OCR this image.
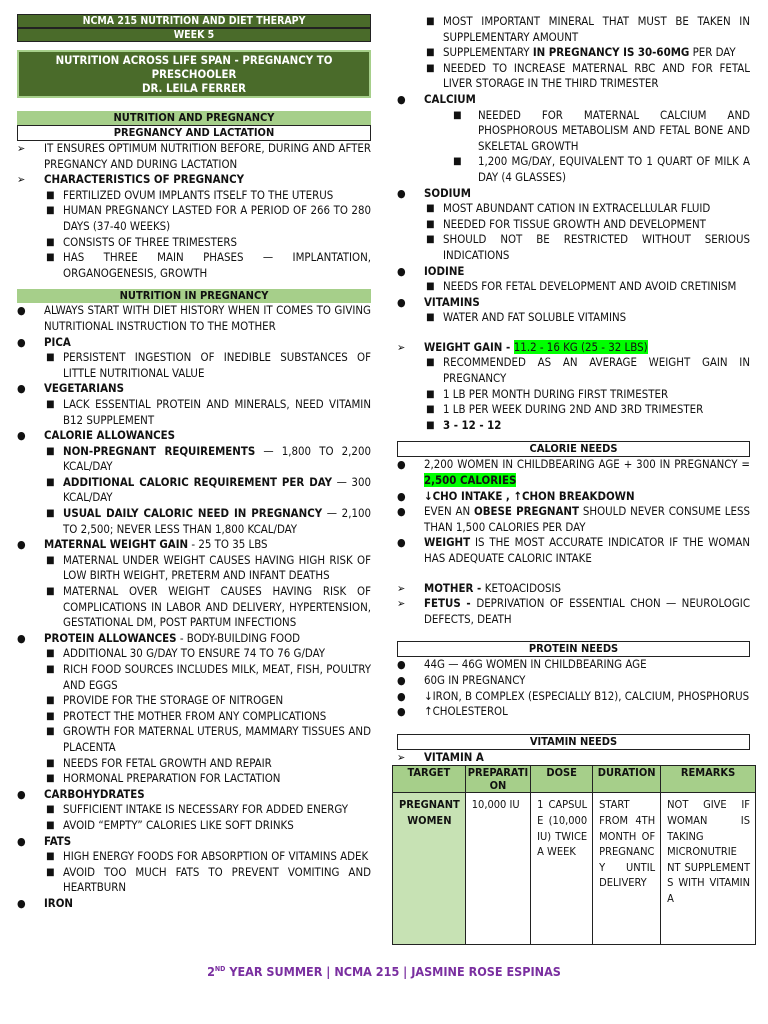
NCMA 215 NUTRITION AND DIET THERAPY
WEEK 5
NUTRITION ACROSS LIFE SPAN - PREGNANCY TO PRESCHOOLER
DR. LEILA FERRER
NUTRITION AND PREGNANCY
PREGNANCY AND LACTATION
➢	IT ENSURES OPTIMUM NUTRITION BEFORE, DURING AND AFTER PREGNANCY AND DURING LACTATION
➢	CHARACTERISTICS OF PREGNANCY
■ FERTILIZED OVUM IMPLANTS ITSELF TO THE UTERUS
■ HUMAN PREGNANCY LASTED FOR A PERIOD OF 266 TO 280 DAYS (37-40 WEEKS)
■ CONSISTS OF THREE TRIMESTERS
■ HAS THREE MAIN PHASES — IMPLANTATION, ORGANOGENESIS, GROWTH
NUTRITION IN PREGNANCY
●	ALWAYS START WITH DIET HISTORY WHEN IT COMES TO GIVING NUTRITIONAL INSTRUCTION TO THE MOTHER
●	PICA
■ PERSISTENT INGESTION OF INEDIBLE SUBSTANCES OF LITTLE NUTRITIONAL VALUE
●	VEGETARIANS
■ LACK ESSENTIAL PROTEIN AND MINERALS, NEED VITAMIN B12 SUPPLEMENT
●	CALORIE ALLOWANCES
■ NON-PREGNANT REQUIREMENTS — 1,800 TO 2,200 KCAL/DAY
■ ADDITIONAL CALORIC REQUIREMENT PER DAY — 300 KCAL/DAY
■ USUAL DAILY CALORIC NEED IN PREGNANCY — 2,100 TO 2,500; NEVER LESS THAN 1,800 KCAL/DAY
●	MATERNAL WEIGHT GAIN - 25 TO 35 LBS
■ MATERNAL UNDER WEIGHT CAUSES HAVING HIGH RISK OF LOW BIRTH WEIGHT, PRETERM AND INFANT DEATHS
■ MATERNAL OVER WEIGHT CAUSES HAVING RISK OF COMPLICATIONS IN LABOR AND DELIVERY, HYPERTENSION, GESTATIONAL DM, POST PARTUM INFECTIONS
●	PROTEIN ALLOWANCES - BODY-BUILDING FOOD
■ ADDITIONAL 30 G/DAY TO ENSURE 74 TO 76 G/DAY
■ RICH FOOD SOURCES INCLUDES MILK, MEAT, FISH, POULTRY AND EGGS
■ PROVIDE FOR THE STORAGE OF NITROGEN
■ PROTECT THE MOTHER FROM ANY COMPLICATIONS
■ GROWTH FOR MATERNAL UTERUS, MAMMARY TISSUES AND PLACENTA
■ NEEDS FOR FETAL GROWTH AND REPAIR
■ HORMONAL PREPARATION FOR LACTATION
●	CARBOHYDRATES
■ SUFFICIENT INTAKE IS NECESSARY FOR ADDED ENERGY
■ AVOID “EMPTY” CALORIES LIKE SOFT DRINKS
●	FATS
■ HIGH ENERGY FOODS FOR ABSORPTION OF VITAMINS ADEK
■ AVOID TOO MUCH FATS TO PREVENT VOMITING AND HEARTBURN
●	IRON
■ MOST IMPORTANT MINERAL THAT MUST BE TAKEN IN SUPPLEMENTARY AMOUNT
■ SUPPLEMENTARY IN PREGNANCY IS 30-60MG PER DAY
■ NEEDED TO INCREASE MATERNAL RBC AND FOR FETAL LIVER STORAGE IN THE THIRD TRIMESTER
●	CALCIUM
■	NEEDED FOR MATERNAL CALCIUM AND PHOSPHOROUS METABOLISM AND FETAL BONE AND SKELETAL GROWTH
■	1,200 MG/DAY, EQUIVALENT TO 1 QUART OF MILK A DAY (4 GLASSES)
●	SODIUM
■ MOST ABUNDANT CATION IN EXTRACELLULAR FLUID
■ NEEDED FOR TISSUE GROWTH AND DEVELOPMENT
■ SHOULD NOT BE RESTRICTED WITHOUT SERIOUS INDICATIONS
●	IODINE
■ NEEDS FOR FETAL DEVELOPMENT AND AVOID CRETINISM
●	VITAMINS
■ WATER AND FAT SOLUBLE VITAMINS
➢	WEIGHT GAIN - 11.2 - 16 KG (25 - 32 LBS)
■ RECOMMENDED AS AN AVERAGE WEIGHT GAIN IN PREGNANCY
■ 1 LB PER MONTH DURING FIRST TRIMESTER
■ 1 LB PER WEEK DURING 2ND AND 3RD TRIMESTER
■ 3 - 12 - 12
CALORIE NEEDS
●	2,200 WOMEN IN CHILDBEARING AGE + 300 IN PREGNANCY = 2,500 CALORIES
●	↓CHO INTAKE , ↑CHON BREAKDOWN
●	EVEN AN OBESE PREGNANT SHOULD NEVER CONSUME LESS THAN 1,500 CALORIES PER DAY
●	WEIGHT IS THE MOST ACCURATE INDICATOR IF THE WOMAN HAS ADEQUATE CALORIC INTAKE
➢	MOTHER - KETOACIDOSIS
➢	FETUS - DEPRIVATION OF ESSENTIAL CHON — NEUROLOGIC DEFECTS, DEATH
PROTEIN NEEDS
●	44G — 46G WOMEN IN CHILDBEARING AGE
●	60G IN PREGNANCY
●	↓IRON, B COMPLEX (ESPECIALLY B12), CALCIUM, PHOSPHORUS
●	↑CHOLESTEROL
VITAMIN NEEDS
➢	VITAMIN A
TARGET	PREPARATI ON	DOSE	DURATION	REMARKS
PREGNANT WOMEN	10,000 IU	1 CAPSUL E (10,000 IU) TWICE A WEEK	START FROM 4TH MONTH OF PREGNANC Y UNTIL DELIVERY	NOT GIVE IF WOMAN IS TAKING MICRONUTRIE NT SUPPLEMENT S WITH VITAMIN A
2ND YEAR SUMMER | NCMA 215 | JASMINE ROSE ESPINAS
